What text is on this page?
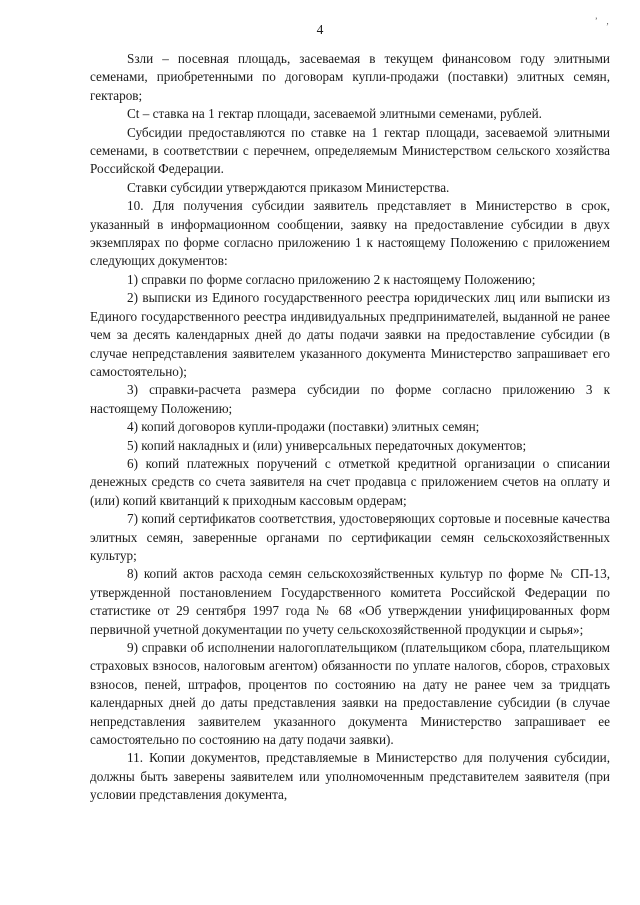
4
ʼ ‚

Sзли – посевная площадь, засеваемая в текущем финансовом году элитными семенами, приобретенными по договорам купли-продажи (поставки) элитных семян, гектаров;

Ct – ставка на 1 гектар площади, засеваемой элитными семенами, рублей.

Субсидии предоставляются по ставке на 1 гектар площади, засеваемой элитными семенами, в соответствии с перечнем, определяемым Министерством сельского хозяйства Российской Федерации.

Ставки субсидии утверждаются приказом Министерства.

10. Для получения субсидии заявитель представляет в Министерство в срок, указанный в информационном сообщении, заявку на предоставление субсидии в двух экземплярах по форме согласно приложению 1 к настоящему Положению с приложением следующих документов:

1) справки по форме согласно приложению 2 к настоящему Положению;

2) выписки из Единого государственного реестра юридических лиц или выписки из Единого государственного реестра индивидуальных предпринимателей, выданной не ранее чем за десять календарных дней до даты подачи заявки на предоставление субсидии (в случае непредставления заявителем указанного документа Министерство запрашивает его самостоятельно);

3) справки-расчета размера субсидии по форме согласно приложению 3 к настоящему Положению;

4) копий договоров купли-продажи (поставки) элитных семян;

5) копий накладных и (или) универсальных передаточных документов;

6) копий платежных поручений с отметкой кредитной организации о списании денежных средств со счета заявителя на счет продавца с приложением счетов на оплату и (или) копий квитанций к приходным кассовым ордерам;

7) копий сертификатов соответствия, удостоверяющих сортовые и посевные качества элитных семян, заверенные органами по сертификации семян сельскохозяйственных культур;

8) копий актов расхода семян сельскохозяйственных культур по форме № СП-13, утвержденной постановлением Государственного комитета Российской Федерации по статистике от 29 сентября 1997 года № 68 «Об утверждении унифицированных форм первичной учетной документации по учету сельскохозяйственной продукции и сырья»;

9) справки об исполнении налогоплательщиком (плательщиком сбора, плательщиком страховых взносов, налоговым агентом) обязанности по уплате налогов, сборов, страховых взносов, пеней, штрафов, процентов по состоянию на дату не ранее чем за тридцать календарных дней до даты представления заявки на предоставление субсидии (в случае непредставления заявителем указанного документа Министерство запрашивает ее самостоятельно по состоянию на дату подачи заявки).

11. Копии документов, представляемые в Министерство для получения субсидии, должны быть заверены заявителем или уполномоченным представителем заявителя (при условии представления документа,
